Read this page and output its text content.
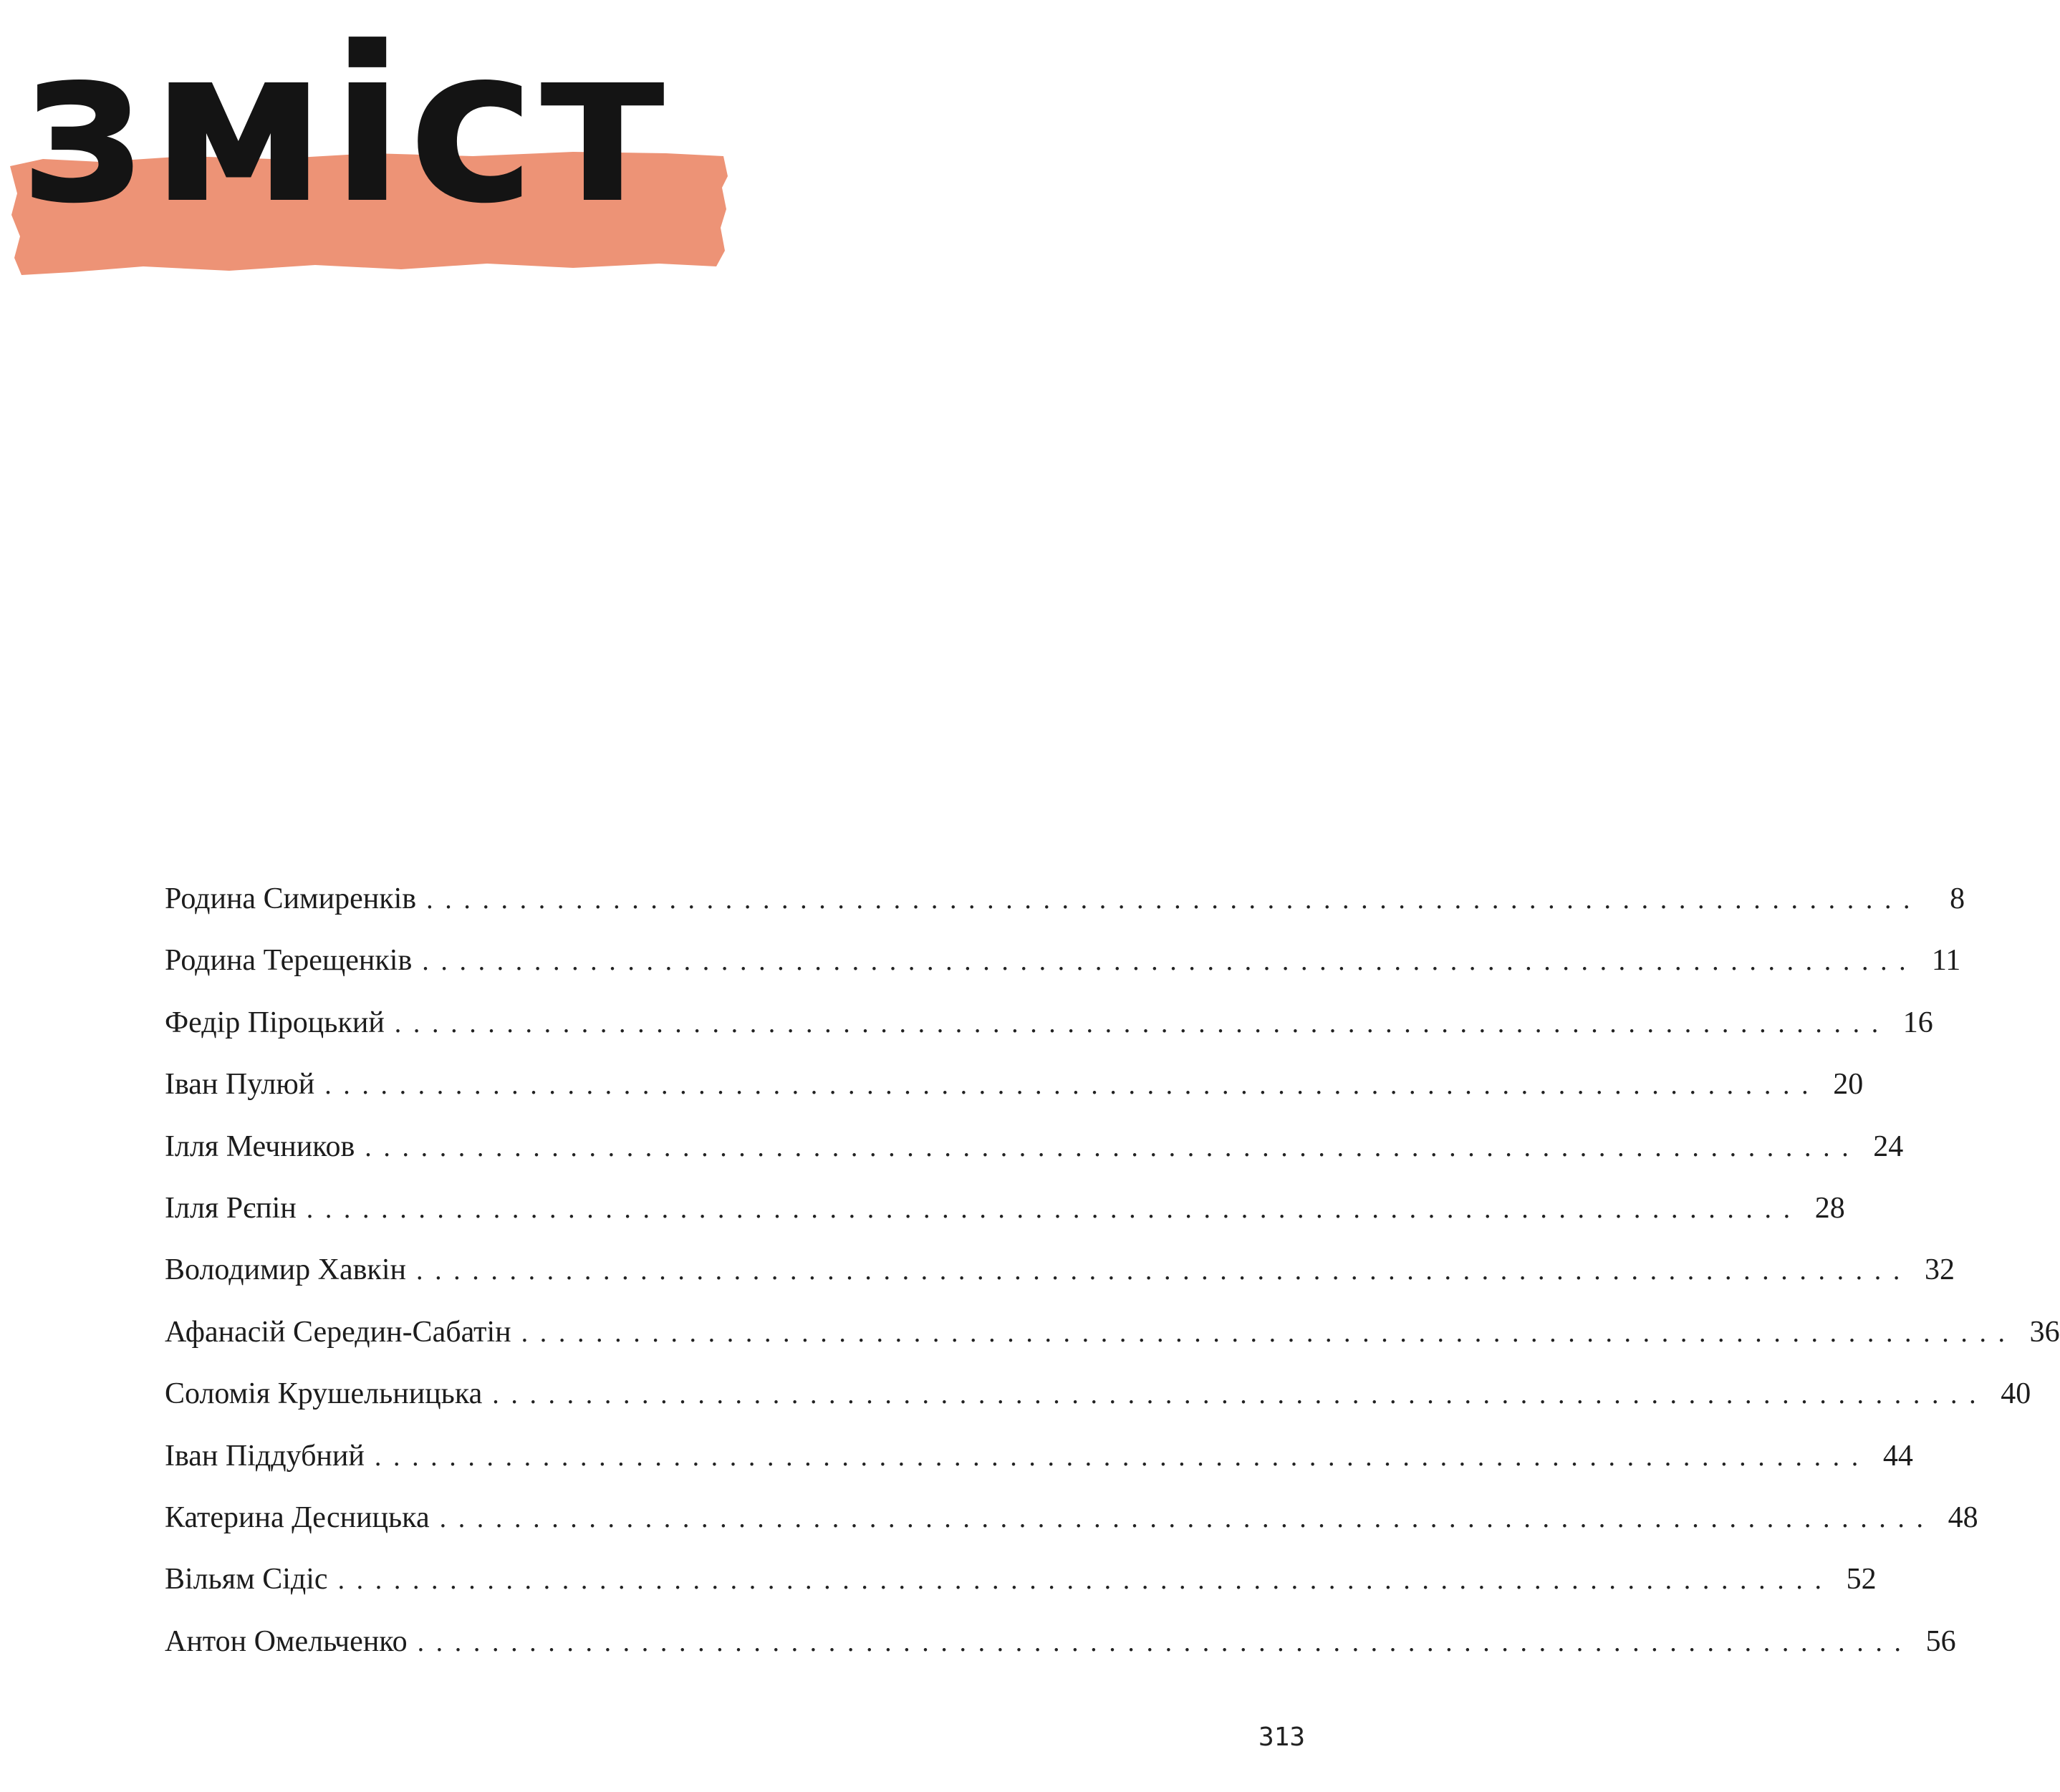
зміст
Родина Симиренків ................................................................................ 8
Родина Терещенків ................................................................................ 11
Федір Піроцький ................................................................................ 16
Іван Пулюй ................................................................................ 20
Ілля Мечников ................................................................................ 24
Ілля Рєпін ................................................................................ 28
Володимир Хавкін ................................................................................ 32
Афанасій Середин-Сабатін ................................................................................ 36
Соломія Крушельницька ................................................................................ 40
Іван Піддубний ................................................................................ 44
Катерина Десницька ................................................................................ 48
Вільям Сідіс ................................................................................ 52
Антон Омельченко ................................................................................ 56
313
